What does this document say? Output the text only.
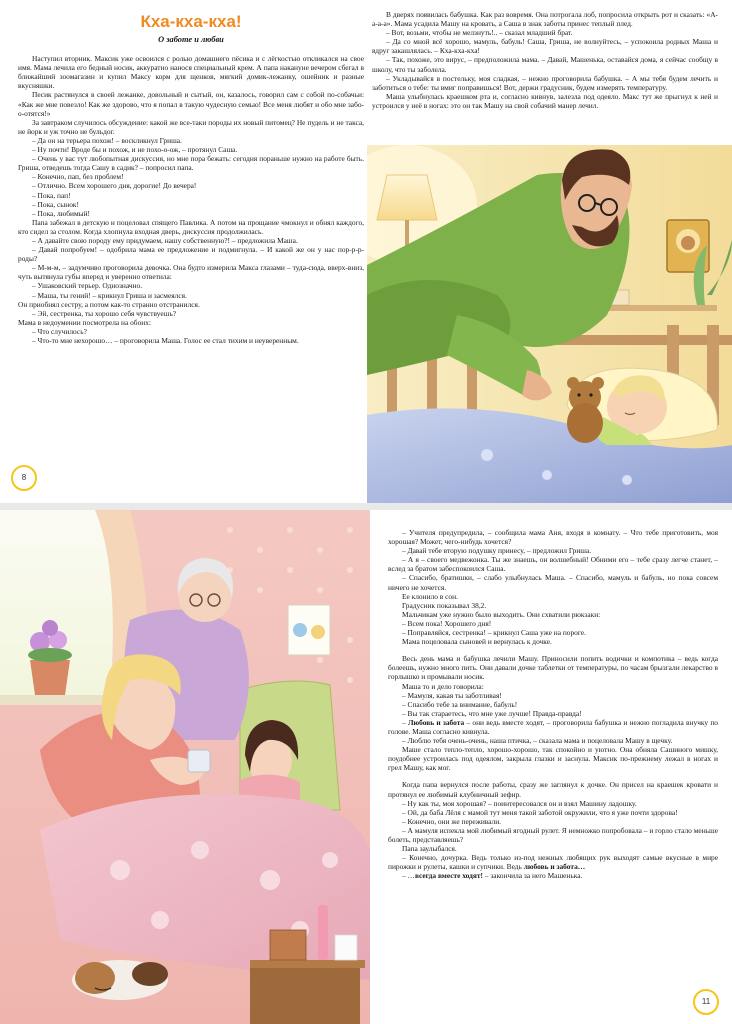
Кха-кха-кха!

О заботе и любви

Наступил вторник. Максик уже освоился с ролью домашнего пёсика и с лёгкостью откликался на свое имя. Мама лечила его бедный носик, аккуратно нанося специальный крем. А папа накануне вечером сбегал в ближайший зоомагазин и купил Максу корм для щенков, мягкий домик-лежанку, ошейник и разные вкусняшки.

Песик растянулся в своей лежанке, довольный и сытый, он, казалось, говорил сам с собой по-собачьи: «Как же мне повезло! Как же здорово, что я попал в такую чудесную семью! Все меня любят и обо мне забо-о-отятся!»

За завтраком случилось обсуждение: какой же все-таки породы их новый питомец? Не пудель и не такса, не йорк и уж точно не бульдог.

– Да он на терьера похож! – воскликнул Гриша.

– Ну почти! Вроде бы и похож, и не похо-о-ож, – протянул Саша.

– Очень у вас тут любопытная дискуссия, но мне пора бежать: сегодня пораньше нужно на работе быть. Гриша, отведешь тогда Сашу в садик? – попросил папа.

– Конечно, пап, без проблем!

– Отлично. Всем хорошего дня, дорогие! До вечера!

– Пока, пап!

– Пока, сынок!

– Пока, любимый!

Папа забежал в детскую и поцеловал спящего Павлика. А потом на прощание чмокнул и обнял каждого, кто сидел за столом. Когда хлопнула входная дверь, дискуссия продолжилась.

– А давайте свою породу ему придумаем, нашу собственную?! – предложила Маша.

– Давай попробуем! – одобрила мама ее предложение и подмигнула. – И какой же он у нас пор-р-р-роды?

– М-м-м, – задумчиво проговорила девочка. Она будто измерила Макса глазами – туда-сюда, вверх-вниз, чуть вытянула губы вперед и уверенно ответила:

– Ушаковский терьер. Однозначно.

– Маша, ты гений! – крикнул Гриша и засмеялся.

Он приобнял сестру, а потом как-то странно отстранился.

– Эй, сестренка, ты хорошо себя чувствуешь?

Мама в недоумении посмотрела на обоих:

– Что случилось?

– Что-то мне нехорошо… – проговорила Маша. Голос ее стал тихим и неуверенным.

В дверях появилась бабушка. Как раз вовремя. Она потрогала лоб, попросила открыть рот и сказать: «А-а-а-а». Мама усадила Машу на кровать, а Саша в знак заботы принес теплый плед.

– Вот, возьми, чтобы не мелзнуть!.. – сказал младший брат.

– Да со мной всё хорошо, мамуль, бабуль! Саша, Гриша, не волнуйтесь, – успокоила родных Маша и вдруг закашлялась. – Кха-кха-кха!

– Так, похоже, это вирус, – предположила мама. – Давай, Машенька, оставайся дома, я сейчас сообщу в школу, что ты заболела.

– Укладывайся в постельку, моя сладкая, – нежно проговорила бабушка. – А мы тебя будем лечить и заботиться о тебе: ты вмиг поправишься! Вот, держи градусник, будем измерять температуру.

Маша улыбнулась краешком рта и, согласно кивнув, залезла под одеяло. Макс тут же прыгнул к ней и устроился у неё в ногах: это он так Машу на свой собачий манер лечил.

8

– Учителя предупредила, – сообщила мама Аня, входя в комнату. – Что тебе приготовить, моя хорошая? Может, чего-нибудь хочется?

– Давай тебе вторую подушку принесу, – предложил Гриша.

– А я – своего медвежонка. Ты же знаешь, он волшебный! Обними его – тебе сразу легче станет, – вслед за братом забеспокоился Саша.

– Спасибо, братишки, – слабо улыбнулась Маша. – Спасибо, мамуль и бабуль, но пока совсем ничего не хочется.

Ее клонило в сон.

Градусник показывал 38,2.

Мальчикам уже нужно было выходить. Они схватили рюкзаки:

– Всем пока! Хорошего дня!

– Поправляйся, сестренка! – крикнул Саша уже на пороге.

Мама поцеловала сыновей и вернулась к дочке.

Весь день мама и бабушка лечили Машу. Приносили попить водички и компотика – ведь когда болеешь, нужно много пить. Они давали дочке таблетки от температуры, по часам брызгали лекарство в горлышко и промывали носик.

Маша то и дело говорила:

– Мамуля, какая ты заботливая!

– Спасибо тебе за внимание, бабуль!

– Вы так стараетесь, что мне уже лучше! Правда-правда!

– Любовь и забота – они ведь вместе ходят, – проговорила бабушка и нежно погладила внучку по голове. Маша согласно кивнула.

– Люблю тебя очень-очень, наша птичка, – сказала мама и поцеловала Машу в щечку.

Маше стало тепло-тепло, хорошо-хорошо, так спокойно и уютно. Она обняла Сашиного мишку, поудобнее устроилась под одеялом, закрыла глазки и заснула. Максик по-прежнему лежал в ногах и грел Машу, как мог.

Когда папа вернулся после работы, сразу же заглянул к дочке. Он присел на краешек кровати и протянул ее любимый клубничный зефир.

– Ну как ты, моя хорошая? – поинтересовался он и взял Машину ладошку.

– Ой, да баба Лёля с мамой тут меня такой заботой окружили, что я уже почти здорова!

– Конечно, они же переживали.

– А мамуля испекла мой любимый ягодный рулет. Я немножко попробовала – и горло стало меньше болеть, представляешь?

Папа заулыбался.

– Конечно, дочурка. Ведь только из-под нежных любящих рук выходят самые вкусные в мире пирожки и рулеты, кашки и супчики. Ведь любовь и забота…

– …всегда вместе ходят! – закончила за него Машенька.

11
